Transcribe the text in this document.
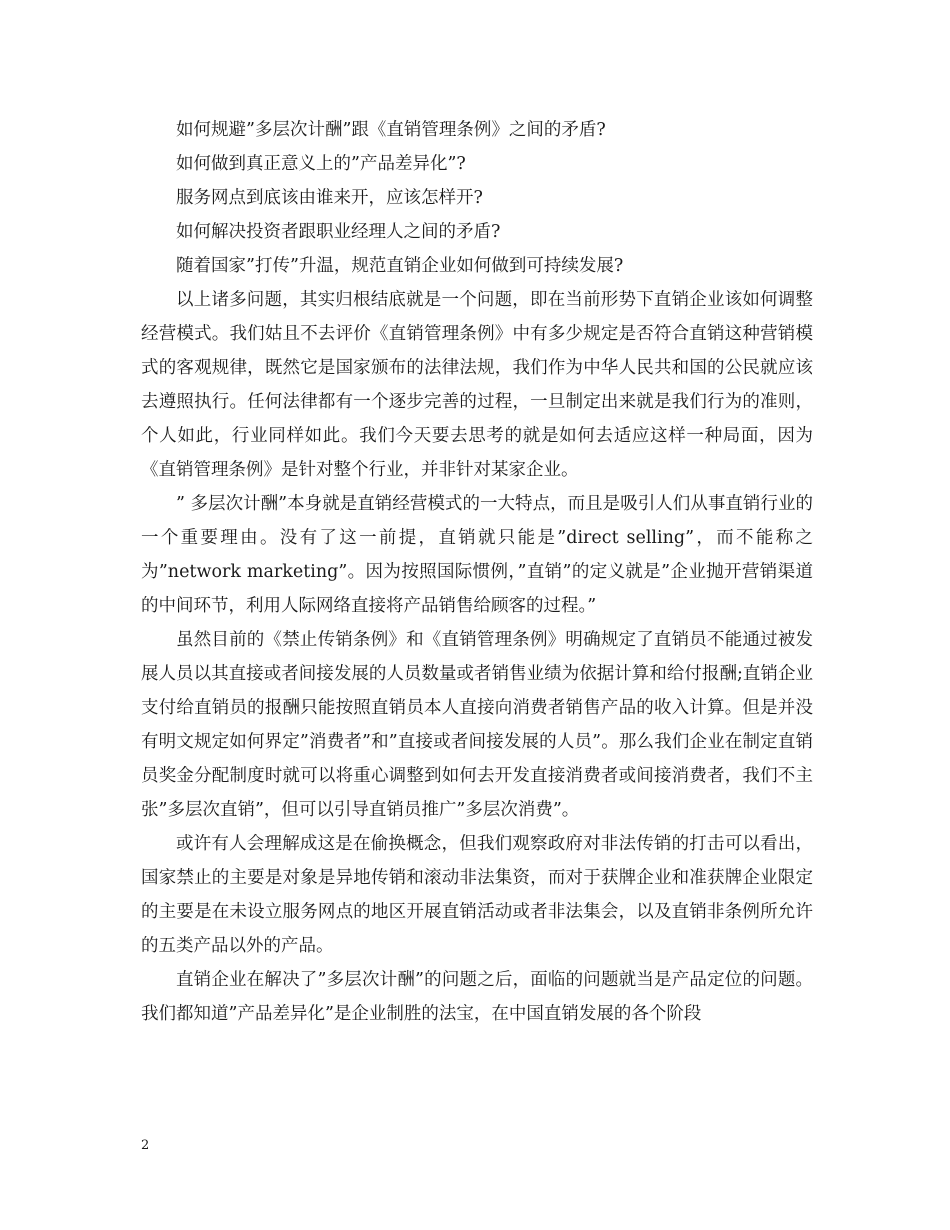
如何规避”多层次计酬”跟《直销管理条例》之间的矛盾?

如何做到真正意义上的”产品差异化”?

服务网点到底该由谁来开，应该怎样开?

如何解决投资者跟职业经理人之间的矛盾?

随着国家”打传”升温，规范直销企业如何做到可持续发展?

以上诸多问题，其实归根结底就是一个问题，即在当前形势下直销企业该如何调整经营模式。我们姑且不去评价《直销管理条例》中有多少规定是否符合直销这种营销模式的客观规律，既然它是国家颁布的法律法规，我们作为中华人民共和国的公民就应该去遵照执行。任何法律都有一个逐步完善的过程，一旦制定出来就是我们行为的准则，个人如此，行业同样如此。我们今天要去思考的就是如何去适应这样一种局面，因为《直销管理条例》是针对整个行业，并非针对某家企业。

” 多层次计酬”本身就是直销经营模式的一大特点，而且是吸引人们从事直销行业的一个重要理由。没有了这一前提，直销就只能是”direct selling”，而不能称之为”network marketing”。因为按照国际惯例，”直销”的定义就是”企业抛开营销渠道的中间环节，利用人际网络直接将产品销售给顾客的过程。”

虽然目前的《禁止传销条例》和《直销管理条例》明确规定了直销员不能通过被发展人员以其直接或者间接发展的人员数量或者销售业绩为依据计算和给付报酬;直销企业支付给直销员的报酬只能按照直销员本人直接向消费者销售产品的收入计算。但是并没有明文规定如何界定”消费者”和”直接或者间接发展的人员”。那么我们企业在制定直销员奖金分配制度时就可以将重心调整到如何去开发直接消费者或间接消费者，我们不主张”多层次直销”，但可以引导直销员推广”多层次消费”。

或许有人会理解成这是在偷换概念，但我们观察政府对非法传销的打击可以看出，国家禁止的主要是对象是异地传销和滚动非法集资，而对于获牌企业和准获牌企业限定的主要是在未设立服务网点的地区开展直销活动或者非法集会，以及直销非条例所允许的五类产品以外的产品。

直销企业在解决了”多层次计酬”的问题之后，面临的问题就当是产品定位的问题。我们都知道”产品差异化”是企业制胜的法宝，在中国直销发展的各个阶段

2
